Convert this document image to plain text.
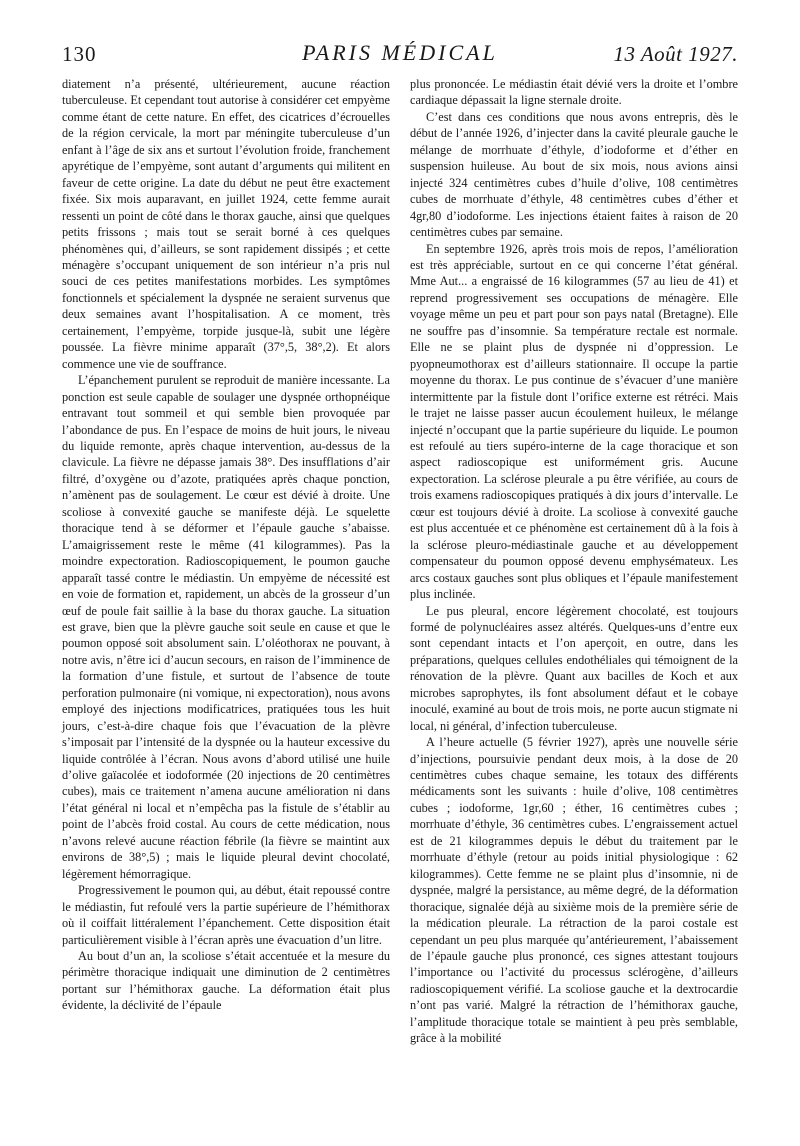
130	PARIS MÉDICAL	13 Août 1927.

diatement n’a présenté, ultérieurement, aucune réaction tuberculeuse. Et cependant tout autorise à considérer cet empyème comme étant de cette nature. En effet, des cicatrices d’écrouelles de la région cervicale, la mort par méningite tuberculeuse d’un enfant à l’âge de six ans et surtout l’évolution froide, franchement apyrétique de l’empyème, sont autant d’arguments qui militent en faveur de cette origine. La date du début ne peut être exactement fixée. Six mois auparavant, en juillet 1924, cette femme aurait ressenti un point de côté dans le thorax gauche, ainsi que quelques petits frissons ; mais tout se serait borné à ces quelques phénomènes qui, d’ailleurs, se sont rapidement dissipés ; et cette ménagère s’occupant uniquement de son intérieur n’a pris nul souci de ces petites manifestations morbides. Les symptômes fonctionnels et spécialement la dyspnée ne seraient survenus que deux semaines avant l’hospitalisation. A ce moment, très certainement, l’empyème, torpide jusque-là, subit une légère poussée. La fièvre minime apparaît (37°,5, 38°,2). Et alors commence une vie de souffrance.

L’épanchement purulent se reproduit de manière incessante. La ponction est seule capable de soulager une dyspnée orthopnéique entravant tout sommeil et qui semble bien provoquée par l’abondance de pus. En l’espace de moins de huit jours, le niveau du liquide remonte, après chaque intervention, au-dessus de la clavicule. La fièvre ne dépasse jamais 38°. Des insufflations d’air filtré, d’oxygène ou d’azote, pratiquées après chaque ponction, n’amènent pas de soulagement. Le cœur est dévié à droite. Une scoliose à convexité gauche se manifeste déjà. Le squelette thoracique tend à se déformer et l’épaule gauche s’abaisse. L’amaigrissement reste le même (41 kilogrammes). Pas la moindre expectoration. Radioscopiquement, le poumon gauche apparaît tassé contre le médiastin. Un empyème de nécessité est en voie de formation et, rapidement, un abcès de la grosseur d’un œuf de poule fait saillie à la base du thorax gauche. La situation est grave, bien que la plèvre gauche soit seule en cause et que le poumon opposé soit absolument sain. L’oléothorax ne pouvant, à notre avis, n’être ici d’aucun secours, en raison de l’imminence de la formation d’une fistule, et surtout de l’absence de toute perforation pulmonaire (ni vomique, ni expectoration), nous avons employé des injections modificatrices, pratiquées tous les huit jours, c’est-à-dire chaque fois que l’évacuation de la plèvre s’imposait par l’intensité de la dyspnée ou la hauteur excessive du liquide contrôlée à l’écran. Nous avons d’abord utilisé une huile d’olive gaïacolée et iodoformée (20 injections de 20 centimètres cubes), mais ce traitement n’amena aucune amélioration ni dans l’état général ni local et n’empêcha pas la fistule de s’établir au point de l’abcès froid costal. Au cours de cette médication, nous n’avons relevé aucune réaction fébrile (la fièvre se maintint aux environs de 38°,5) ; mais le liquide pleural devint chocolaté, légèrement hémorragique.

Progressivement le poumon qui, au début, était repoussé contre le médiastin, fut refoulé vers la partie supérieure de l’hémithorax où il coiffait littéralement l’épanchement. Cette disposition était particulièrement visible à l’écran après une évacuation d’un litre.

Au bout d’un an, la scoliose s’était accentuée et la mesure du périmètre thoracique indiquait une diminution de 2 centimètres portant sur l’hémithorax gauche. La déformation était plus évidente, la déclivité de l’épaule

plus prononcée. Le médiastin était dévié vers la droite et l’ombre cardiaque dépassait la ligne sternale droite.

C’est dans ces conditions que nous avons entrepris, dès le début de l’année 1926, d’injecter dans la cavité pleurale gauche le mélange de morrhuate d’éthyle, d’iodoforme et d’éther en suspension huileuse. Au bout de six mois, nous avions ainsi injecté 324 centimètres cubes d’huile d’olive, 108 centimètres cubes de morrhuate d’éthyle, 48 centimètres cubes d’éther et 4gr,80 d’iodoforme. Les injections étaient faites à raison de 20 centimètres cubes par semaine.

En septembre 1926, après trois mois de repos, l’amélioration est très appréciable, surtout en ce qui concerne l’état général. Mme Aut... a engraissé de 16 kilogrammes (57 au lieu de 41) et reprend progressivement ses occupations de ménagère. Elle voyage même un peu et part pour son pays natal (Bretagne). Elle ne souffre pas d’insomnie. Sa température rectale est normale. Elle ne se plaint plus de dyspnée ni d’oppression. Le pyopneumothorax est d’ailleurs stationnaire. Il occupe la partie moyenne du thorax. Le pus continue de s’évacuer d’une manière intermittente par la fistule dont l’orifice externe est rétréci. Mais le trajet ne laisse passer aucun écoulement huileux, le mélange injecté n’occupant que la partie supérieure du liquide. Le poumon est refoulé au tiers supéro-interne de la cage thoracique et son aspect radioscopique est uniformément gris. Aucune expectoration. La sclérose pleurale a pu être vérifiée, au cours de trois examens radioscopiques pratiqués à dix jours d’intervalle. Le cœur est toujours dévié à droite. La scoliose à convexité gauche est plus accentuée et ce phénomène est certainement dû à la fois à la sclérose pleuro-médiastinale gauche et au développement compensateur du poumon opposé devenu emphysémateux. Les arcs costaux gauches sont plus obliques et l’épaule manifestement plus inclinée.

Le pus pleural, encore légèrement chocolaté, est toujours formé de polynucléaires assez altérés. Quelques-uns d’entre eux sont cependant intacts et l’on aperçoit, en outre, dans les préparations, quelques cellules endothéliales qui témoignent de la rénovation de la plèvre. Quant aux bacilles de Koch et aux microbes saprophytes, ils font absolument défaut et le cobaye inoculé, examiné au bout de trois mois, ne porte aucun stigmate ni local, ni général, d’infection tuberculeuse.

A l’heure actuelle (5 février 1927), après une nouvelle série d’injections, poursuivie pendant deux mois, à la dose de 20 centimètres cubes chaque semaine, les totaux des différents médicaments sont les suivants : huile d’olive, 108 centimètres cubes ; iodoforme, 1gr,60 ; éther, 16 centimètres cubes ; morrhuate d’éthyle, 36 centimètres cubes. L’engraissement actuel est de 21 kilogrammes depuis le début du traitement par le morrhuate d’éthyle (retour au poids initial physiologique : 62 kilogrammes). Cette femme ne se plaint plus d’insomnie, ni de dyspnée, malgré la persistance, au même degré, de la déformation thoracique, signalée déjà au sixième mois de la première série de la médication pleurale. La rétraction de la paroi costale est cependant un peu plus marquée qu’antérieurement, l’abaissement de l’épaule gauche plus prononcé, ces signes attestant toujours l’importance ou l’activité du processus sclérogène, d’ailleurs radioscopiquement vérifié. La scoliose gauche et la dextrocardie n’ont pas varié. Malgré la rétraction de l’hémithorax gauche, l’amplitude thoracique totale se maintient à peu près semblable, grâce à la mobilité
